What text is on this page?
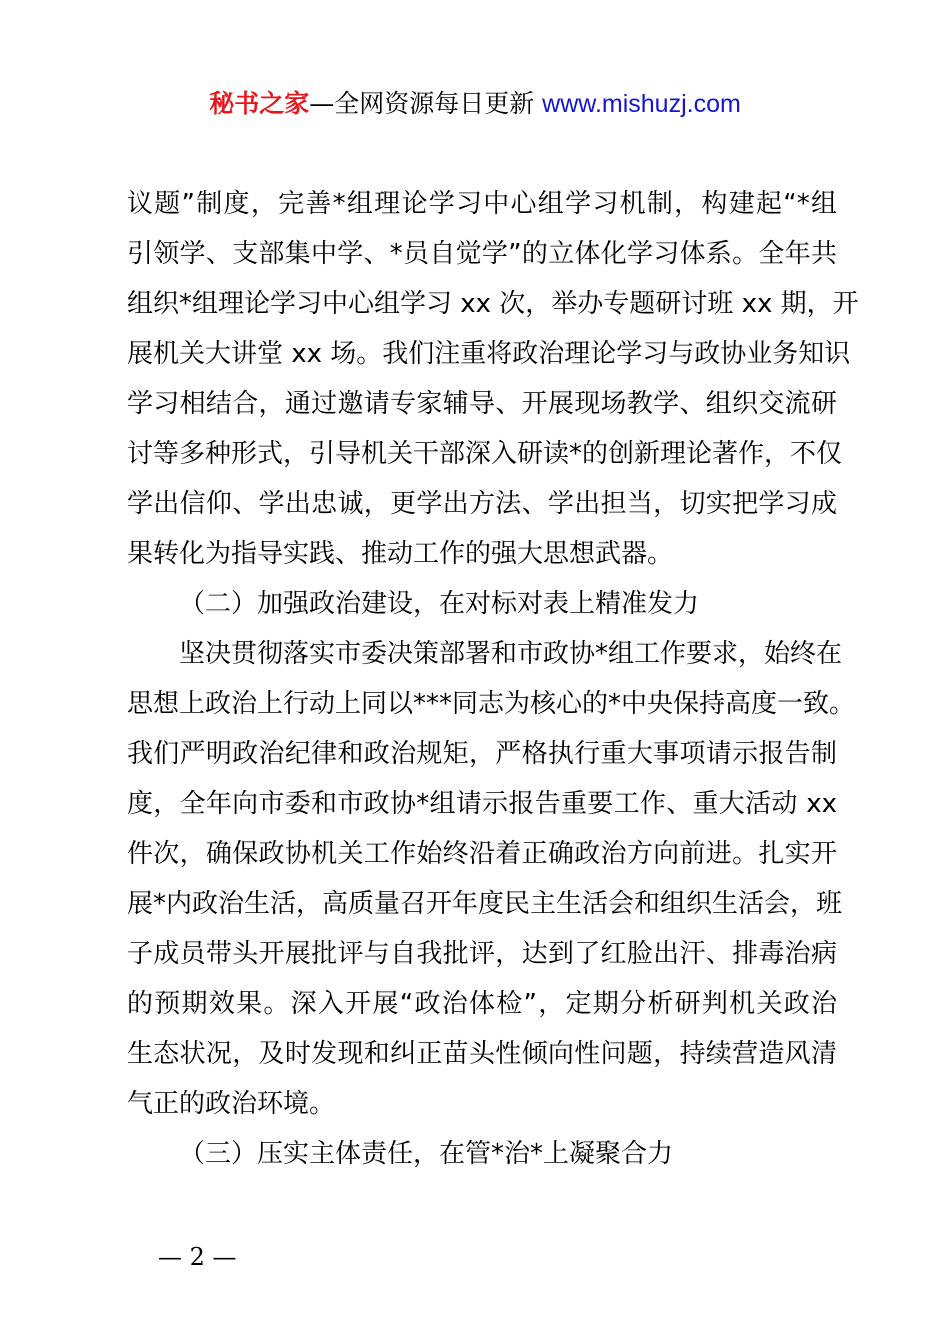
秘书之家—全网资源每日更新 www.mishuzj.com
议题”制度，完善*组理论学习中心组学习机制，构建起“*组
引领学、支部集中学、*员自觉学”的立体化学习体系。全年共
组织*组理论学习中心组学习 xx 次，举办专题研讨班 xx 期，开
展机关大讲堂 xx 场。我们注重将政治理论学习与政协业务知识
学习相结合，通过邀请专家辅导、开展现场教学、组织交流研
讨等多种形式，引导机关干部深入研读*的创新理论著作，不仅
学出信仰、学出忠诚，更学出方法、学出担当，切实把学习成
果转化为指导实践、推动工作的强大思想武器。
（二）加强政治建设，在对标对表上精准发力
坚决贯彻落实市委决策部署和市政协*组工作要求，始终在
思想上政治上行动上同以***同志为核心的*中央保持高度一致。
我们严明政治纪律和政治规矩，严格执行重大事项请示报告制
度，全年向市委和市政协*组请示报告重要工作、重大活动 xx
件次，确保政协机关工作始终沿着正确政治方向前进。扎实开
展*内政治生活，高质量召开年度民主生活会和组织生活会，班
子成员带头开展批评与自我批评，达到了红脸出汗、排毒治病
的预期效果。深入开展“政治体检”，定期分析研判机关政治
生态状况，及时发现和纠正苗头性倾向性问题，持续营造风清
气正的政治环境。
（三）压实主体责任，在管*治*上凝聚合力
— 2 —
